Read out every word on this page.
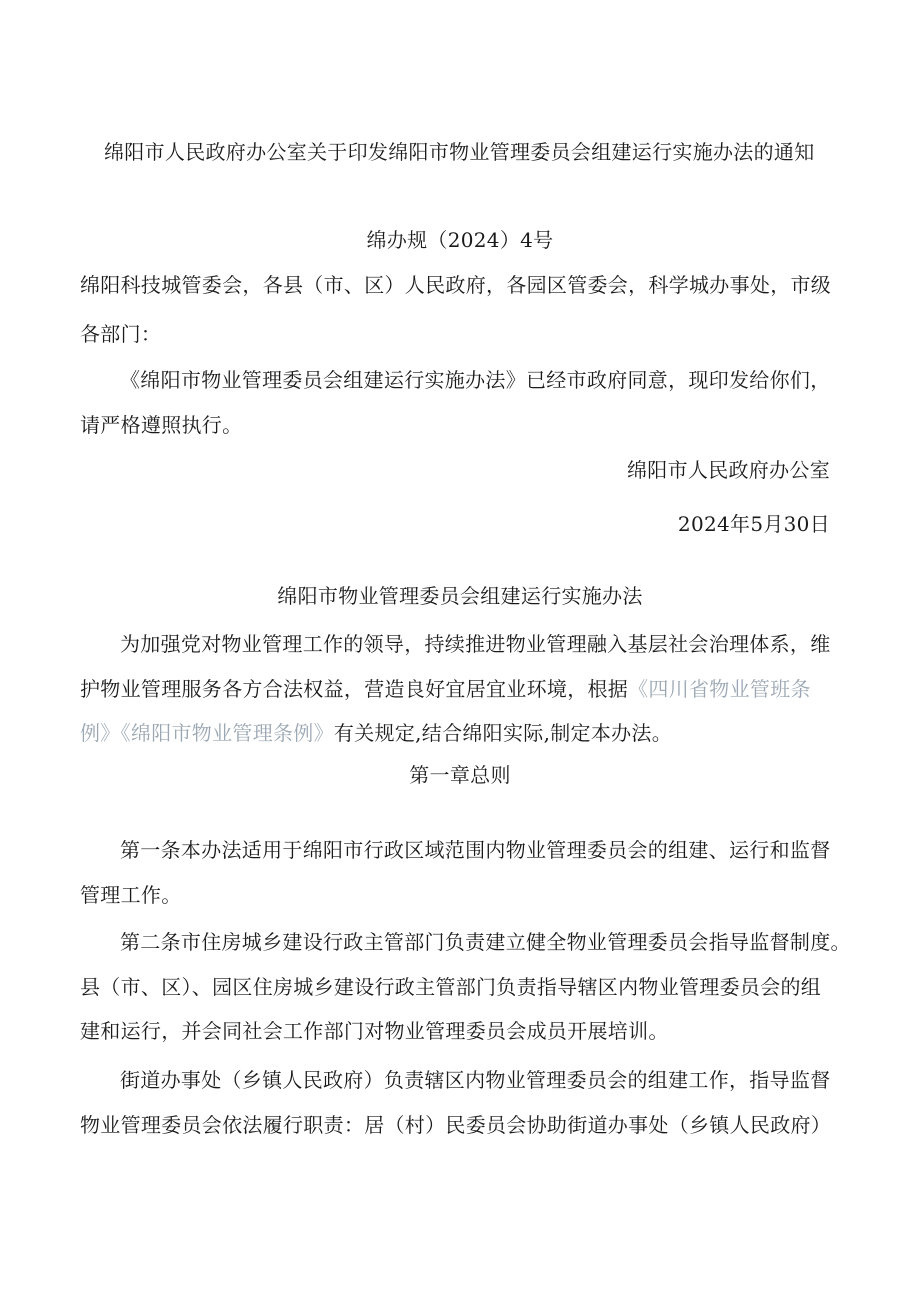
绵阳市人民政府办公室关于印发绵阳市物业管理委员会组建运行实施办法的通知
绵办规（2024）4号
绵阳科技城管委会，各县（市、区）人民政府，各园区管委会，科学城办事处，市级
各部门：
《绵阳市物业管理委员会组建运行实施办法》已经市政府同意，现印发给你们，
请严格遵照执行。
绵阳市人民政府办公室
2024年5月30日
绵阳市物业管理委员会组建运行实施办法
为加强党对物业管理工作的领导，持续推进物业管理融入基层社会治理体系，维
护物业管理服务各方合法权益，营造良好宜居宜业环境，根据《四川省物业管班条
例》《绵阳市物业管理条例》有关规定,结合绵阳实际,制定本办法。
第一章总则
第一条本办法适用于绵阳市行政区域范围内物业管理委员会的组建、运行和监督
管理工作。
第二条市住房城乡建设行政主管部门负责建立健全物业管理委员会指导监督制度。
县（市、区）、园区住房城乡建设行政主管部门负责指导辖区内物业管理委员会的组
建和运行，并会同社会工作部门对物业管理委员会成员开展培训。
街道办事处（乡镇人民政府）负责辖区内物业管理委员会的组建工作，指导监督
物业管理委员会依法履行职责：居（村）民委员会协助街道办事处（乡镇人民政府）
